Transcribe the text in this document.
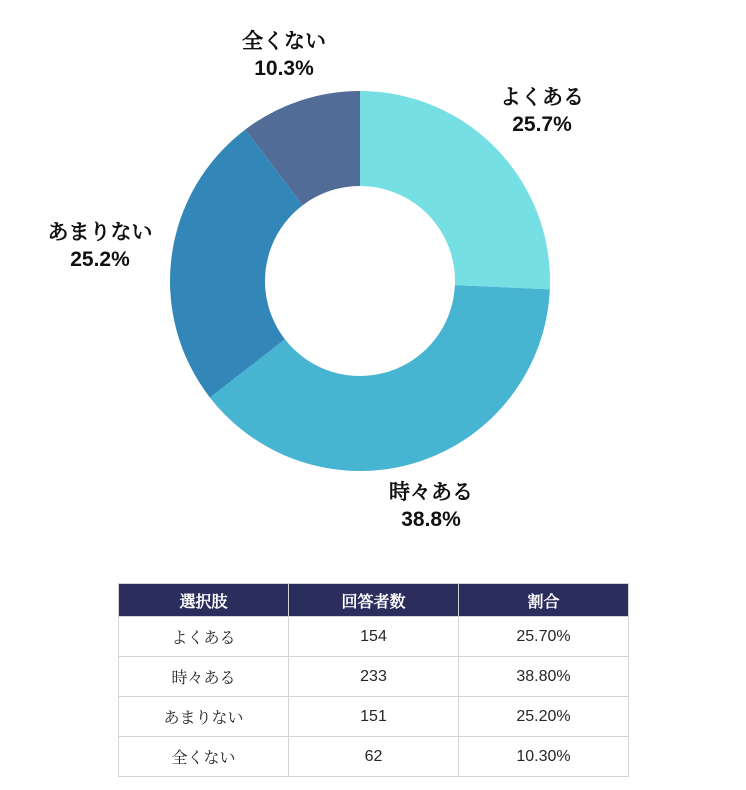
よくある
25.7%
時々ある
38.8%
あまりない
25.2%
全くない
10.3%
選択肢	回答者数	割合
よくある	154	25.70%
時々ある	233	38.80%
あまりない	151	25.20%
全くない	62	10.30%
